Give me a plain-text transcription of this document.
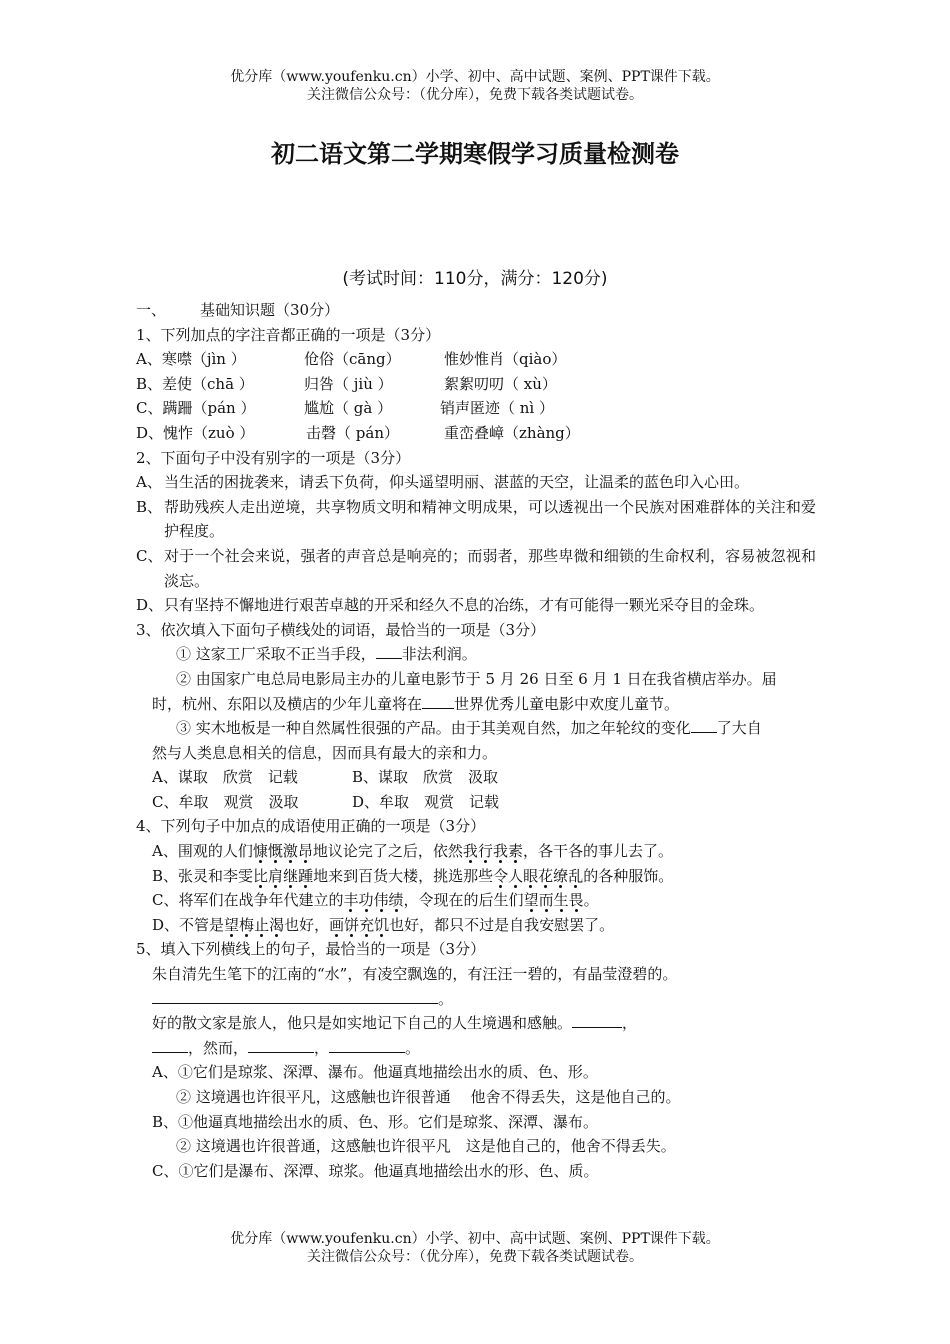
优分库（www.youfenku.cn）小学、初中、高中试题、案例、PPT课件下载。
关注微信公众号：（优分库），免费下载各类试题试卷。
初二语文第二学期寒假学习质量检测卷
(考试时间：110分，满分：120分)
一、 基础知识题（30分）
1、下列加点的字注音都正确的一项是（3分）
A、寒噤（jìn ）	伧俗（cāng）	惟妙惟肖（qiào）
B、差使（chā ）	归咎（ jiù ）	絮絮叨叨（ xù）
C、蹒跚（pán ）	尴尬（ gà ）	销声匿迹（ nì ）
D、愧怍（zuò ）	击磬（ pán）	重峦叠嶂（zhàng）
2、下面句子中没有别字的一项是（3分）
A、 当生活的困拢袭来，请丢下负荷，仰头遥望明丽、湛蓝的天空，让温柔的蓝色印入心田。
B、 帮助残疾人走出逆境，共享物质文明和精神文明成果，可以透视出一个民族对困难群体的关注和爱护程度。
C、 对于一个社会来说，强者的声音总是响亮的；而弱者，那些卑微和细锁的生命权利，容易被忽视和淡忘。
D、 只有坚持不懈地进行艰苦卓越的开采和经久不息的冶练，才有可能得一颗光采夺目的金珠。
3、依次填入下面句子横线处的词语，最恰当的一项是（3分）
① 这家工厂采取不正当手段， 非法利润。
② 由国家广电总局电影局主办的儿童电影节于 5 月 26 日至 6 月 1 日在我省横店举办。届
时，杭州、东阳以及横店的少年儿童将在 世界优秀儿童电影中欢度儿童节。
③ 实木地板是一种自然属性很强的产品。由于其美观自然，加之年轮纹的变化 了大自
然与人类息息相关的信息，因而具有最大的亲和力。
A、谋取　欣赏　记载	B、谋取　欣赏　汲取
C、牟取　观赏　汲取	D、牟取　观赏　记载
4、下列句子中加点的成语使用正确的一项是（3分）
A、围观的人们慷慨激昂地议论完了之后，依然我行我素，各干各的事儿去了。
B、张灵和李雯比肩继踵地来到百货大楼，挑选那些令人眼花缭乱的各种服饰。
C、将军们在战争年代建立的丰功伟绩，令现在的后生们望而生畏。
D、不管是望梅止渴也好，画饼充饥也好，都只不过是自我安慰罢了。
5、填入下列横线上的句子，最恰当的一项是（3分）
朱自清先生笔下的江南的“水”，有凌空飘逸的，有汪汪一碧的，有晶莹澄碧的。
。
好的散文家是旅人，他只是如实地记下自己的人生境遇和感触。	，
，然而，	，	。
A、①它们是琼浆、深潭、瀑布。他逼真地描绘出水的质、色、形。
② 这境遇也许很平凡，这感触也许很普通　 他舍不得丢失，这是他自己的。
B、①他逼真地描绘出水的质、色、形。它们是琼浆、深潭、瀑布。
② 这境遇也许很普通，这感触也许很平凡　这是他自己的，他舍不得丢失。
C、①它们是瀑布、深潭、琼浆。他逼真地描绘出水的形、色、质。
优分库（www.youfenku.cn）小学、初中、高中试题、案例、PPT课件下载。
关注微信公众号：（优分库），免费下载各类试题试卷。
